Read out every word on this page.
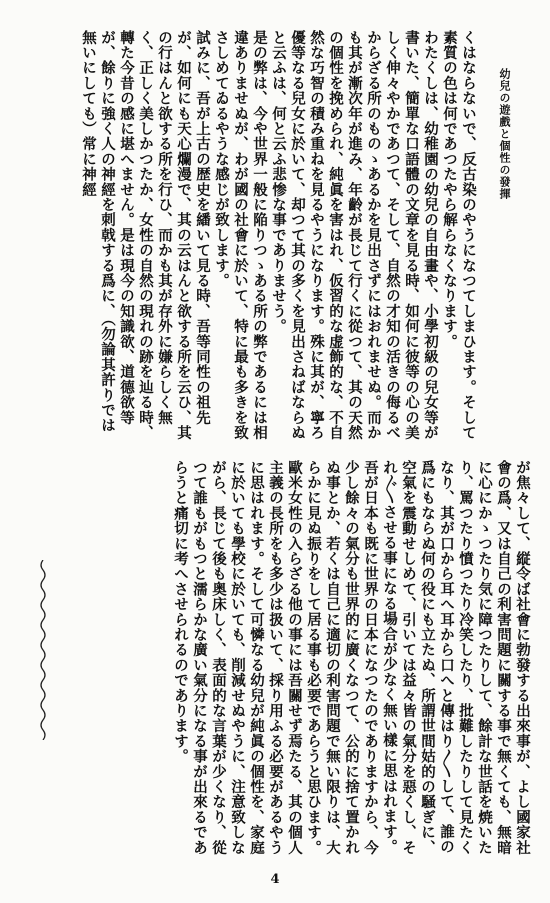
幼兒の遊戲と個性の發揮
くはならないで、反古染のやうになつてしまひます。そして素質の色は何であつたやら解らなくなります。
わたくしは、幼稚園の幼兒の自由畫や、小學初級の兒女等が書いた、簡單な口語體の文章を見る時、如何に彼等の心の美しく伸々やかであつて、そして、自然の才知の活きの侮るべからざる所のものゝあるかを見出さずにはおれませぬ。而かも其が漸次年が進み、年齡が長じて行くに從つて、其の天然の個性を挽められ、純眞を害はれ、仮習的な虚飾的な、不自然な巧智の積み重ねを見るやうになります。殊に其が、寧ろ優等なる兒女に於いて、却つて其の多くを見出さねばならぬと云ふは、何と云ふ悲惨な事でありませう。
是の弊は、今や世界一般に陥りつゝある所の弊であるには相違ありませぬが、わが國の社會に於いて、特に最も多きを致さしめてゐるやうな感じが致します。
試みに、吾が上古の歴史を繙いて見る時、吾等同性の祖先が、如何にも天心爛漫で、其の云はんと欲する所を云ひ、其の行はんと欲する所を行ひ、而かも其が存外に嫌らしく無く、正しく美しかつたか、女性の自然の現れの跡を辿る時、轉た今昔の感に堪へません。是は現今の知識欲、道德欲等が、餘りに強く人の神經を刺戟する爲に、（勿論其許りでは無いにしても）常に神經
が焦々して、縦令ば社會に勃發する出來事が、よし國家社會の爲、又は自己の利害問題に關する事で無くても、無暗に心にかゝつたり気に障つたりして、餘計な世話を焼いたり、罵つたり憤つたり冷笑したり、批難したりして見たくなり、其が口から耳へ耳から口へと傳はり〳〵して、誰の爲にもならぬ何の役にも立たぬ、所謂世間姑的の騒ぎに、空氣を震動せしめて、引いては益々皆の氣分を惡くし、それ〴〵させる事になる場合が少なく無い樣に思はれます。
吾が日本も既に世界の日本になつたのでありますから、今少し餘々の氣分も世界的に廣くなつて、公的に捨て置かれぬ事とか、若くは自己に適切の利害問題で無い限りは、大らかに見ぬ振りをして居る事も必要であらうと思ひます。
歐米女性の入らざる他の事には吾關せず焉たる、其の個人主義の長所をも多少は扱いて、採り用ふる必要があるやうに思はれます。そして可憐なる幼兒が純眞の個性を、家庭に於いても學校に於いても、削減せぬやうに、注意致しながら、長じて後も奥床しく、表面的な言葉が少くなり、從つて誰もがもつと濡らかな廣い氣分になる事が出來るであらうと痛切に考へさせられるのであります。
4
